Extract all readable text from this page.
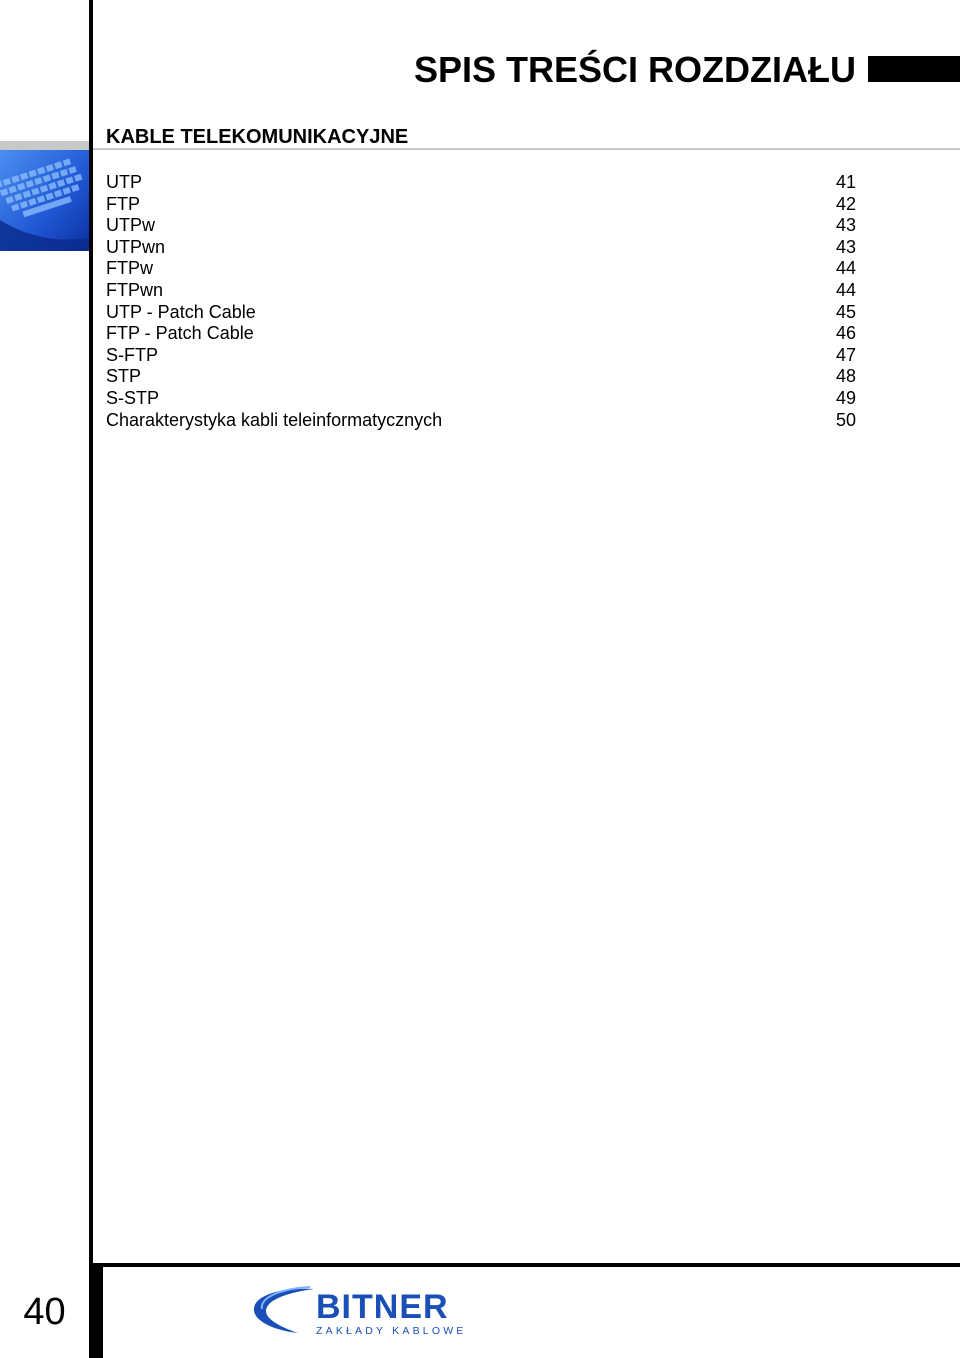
SPIS TREŚCI ROZDZIAŁU
KABLE TELEKOMUNIKACYJNE
UTP	41
FTP	42
UTPw	43
UTPwn	43
FTPw	44
FTPwn	44
UTP - Patch Cable	45
FTP - Patch Cable	46
S-FTP	47
STP	48
S-STP	49
Charakterystyka kabli teleinformatycznych	50
40	BITNER
ZAKŁADY KABLOWE
